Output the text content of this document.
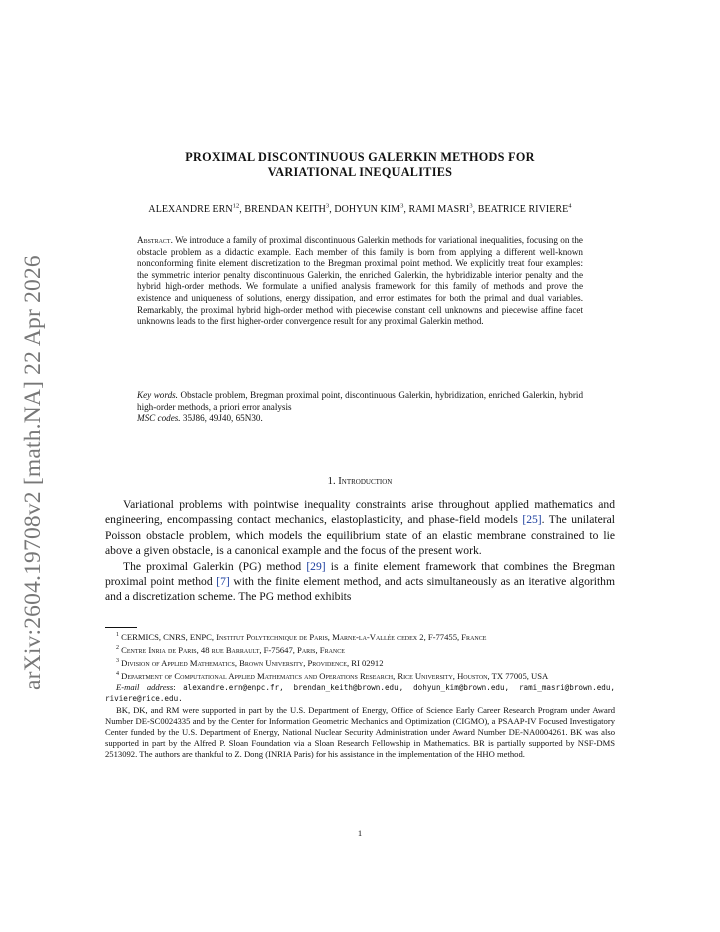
arXiv:2604.19708v2 [math.NA] 22 Apr 2026
PROXIMAL DISCONTINUOUS GALERKIN METHODS FOR
VARIATIONAL INEQUALITIES
ALEXANDRE ERN$^{12}$, BRENDAN KEITH$^3$, DOHYUN KIM$^3$, RAMI MASRI$^3$, BEATRICE RIVIERE$^4$
Abstract. We introduce a family of proximal discontinuous Galerkin methods for variational inequalities, focusing on the obstacle problem as a didactic example. Each member of this family is born from applying a different well-known nonconforming finite element discretization to the Bregman proximal point method. We explicitly treat four examples: the symmetric interior penalty discontinuous Galerkin, the enriched Galerkin, the hybridizable interior penalty and the hybrid high-order methods. We formulate a unified analysis framework for this family of methods and prove the existence and uniqueness of solutions, energy dissipation, and error estimates for both the primal and dual variables. Remarkably, the proximal hybrid high-order method with piecewise constant cell unknowns and piecewise affine facet unknowns leads to the first higher-order convergence result for any proximal Galerkin method.
Key words. Obstacle problem, Bregman proximal point, discontinuous Galerkin, hybridization, enriched Galerkin, hybrid high-order methods, a priori error analysis
MSC codes. 35J86, 49J40, 65N30.
1. Introduction

Variational problems with pointwise inequality constraints arise throughout applied mathematics and engineering, encompassing contact mechanics, elastoplasticity, and phase-field models [25]. The unilateral Poisson obstacle problem, which models the equilibrium state of an elastic membrane constrained to lie above a given obstacle, is a canonical example and the focus of the present work.

The proximal Galerkin (PG) method [29] is a finite element framework that combines the Bregman proximal point method [7] with the finite element method, and acts simultaneously as an iterative algorithm and a discretization scheme. The PG method exhibits

$^1$ CERMICS, CNRS, ENPC, Institut Polytechnique de Paris, Marne-la-Vallée cedex 2, F-77455, France

$^2$ Centre Inria de Paris, 48 rue Barrault, F-75647, Paris, France

$^3$ Division of Applied Mathematics, Brown University, Providence, RI 02912

$^4$ Department of Computational Applied Mathematics and Operations Research, Rice University, Houston, TX 77005, USA

E-mail address: alexandre.ern@enpc.fr, brendan_keith@brown.edu, dohyun_kim@brown.edu, rami_masri@brown.edu, riviere@rice.edu.

BK, DK, and RM were supported in part by the U.S. Department of Energy, Office of Science Early Career Research Program under Award Number DE-SC0024335 and by the Center for Information Geometric Mechanics and Optimization (CIGMO), a PSAAP-IV Focused Investigatory Center funded by the U.S. Department of Energy, National Nuclear Security Administration under Award Number DE-NA0004261. BK was also supported in part by the Alfred P. Sloan Foundation via a Sloan Research Fellowship in Mathematics. BR is partially supported by NSF-DMS 2513092. The authors are thankful to Z. Dong (INRIA Paris) for his assistance in the implementation of the HHO method.

1
